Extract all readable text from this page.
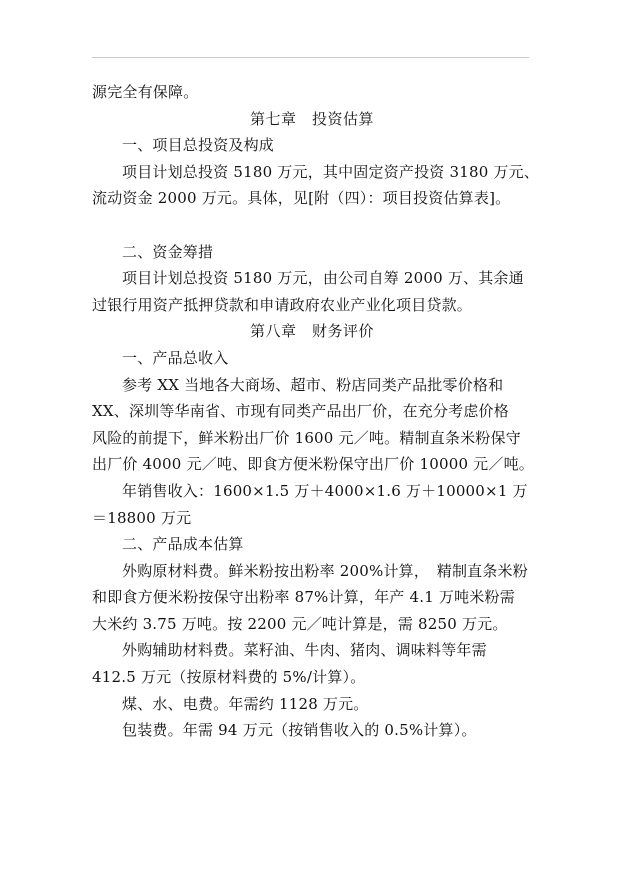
源完全有保障。
第七章　投资估算
一、项目总投资及构成
项目计划总投资 5180 万元，其中固定资产投资 3180 万元、
流动资金 2000 万元。具体，见[附（四）：项目投资估算表]。
二、资金筹措
项目计划总投资 5180 万元，由公司自筹 2000 万、其余通
过银行用资产抵押贷款和申请政府农业产业化项目贷款。
第八章　财务评价
一、产品总收入
参考 XX 当地各大商场、超市、粉店同类产品批零价格和
XX、深圳等华南省、市现有同类产品出厂价，在充分考虑价格
风险的前提下，鲜米粉出厂价 1600 元／吨。精制直条米粉保守
出厂价 4000 元／吨、即食方便米粉保守出厂价 10000 元／吨。
年销售收入：1600×1.5 万＋4000×1.6 万＋10000×1 万
＝18800 万元
二、产品成本估算
外购原材料费。鲜米粉按出粉率 200%计算，　精制直条米粉
和即食方便米粉按保守出粉率 87%计算，年产 4.1 万吨米粉需
大米约 3.75 万吨。按 2200 元／吨计算是，需 8250 万元。
外购辅助材料费。菜籽油、牛肉、猪肉、调味料等年需
412.5 万元（按原材料费的 5%/计算）。
煤、水、电费。年需约 1128 万元。
包装费。年需 94 万元（按销售收入的 0.5%计算）。
